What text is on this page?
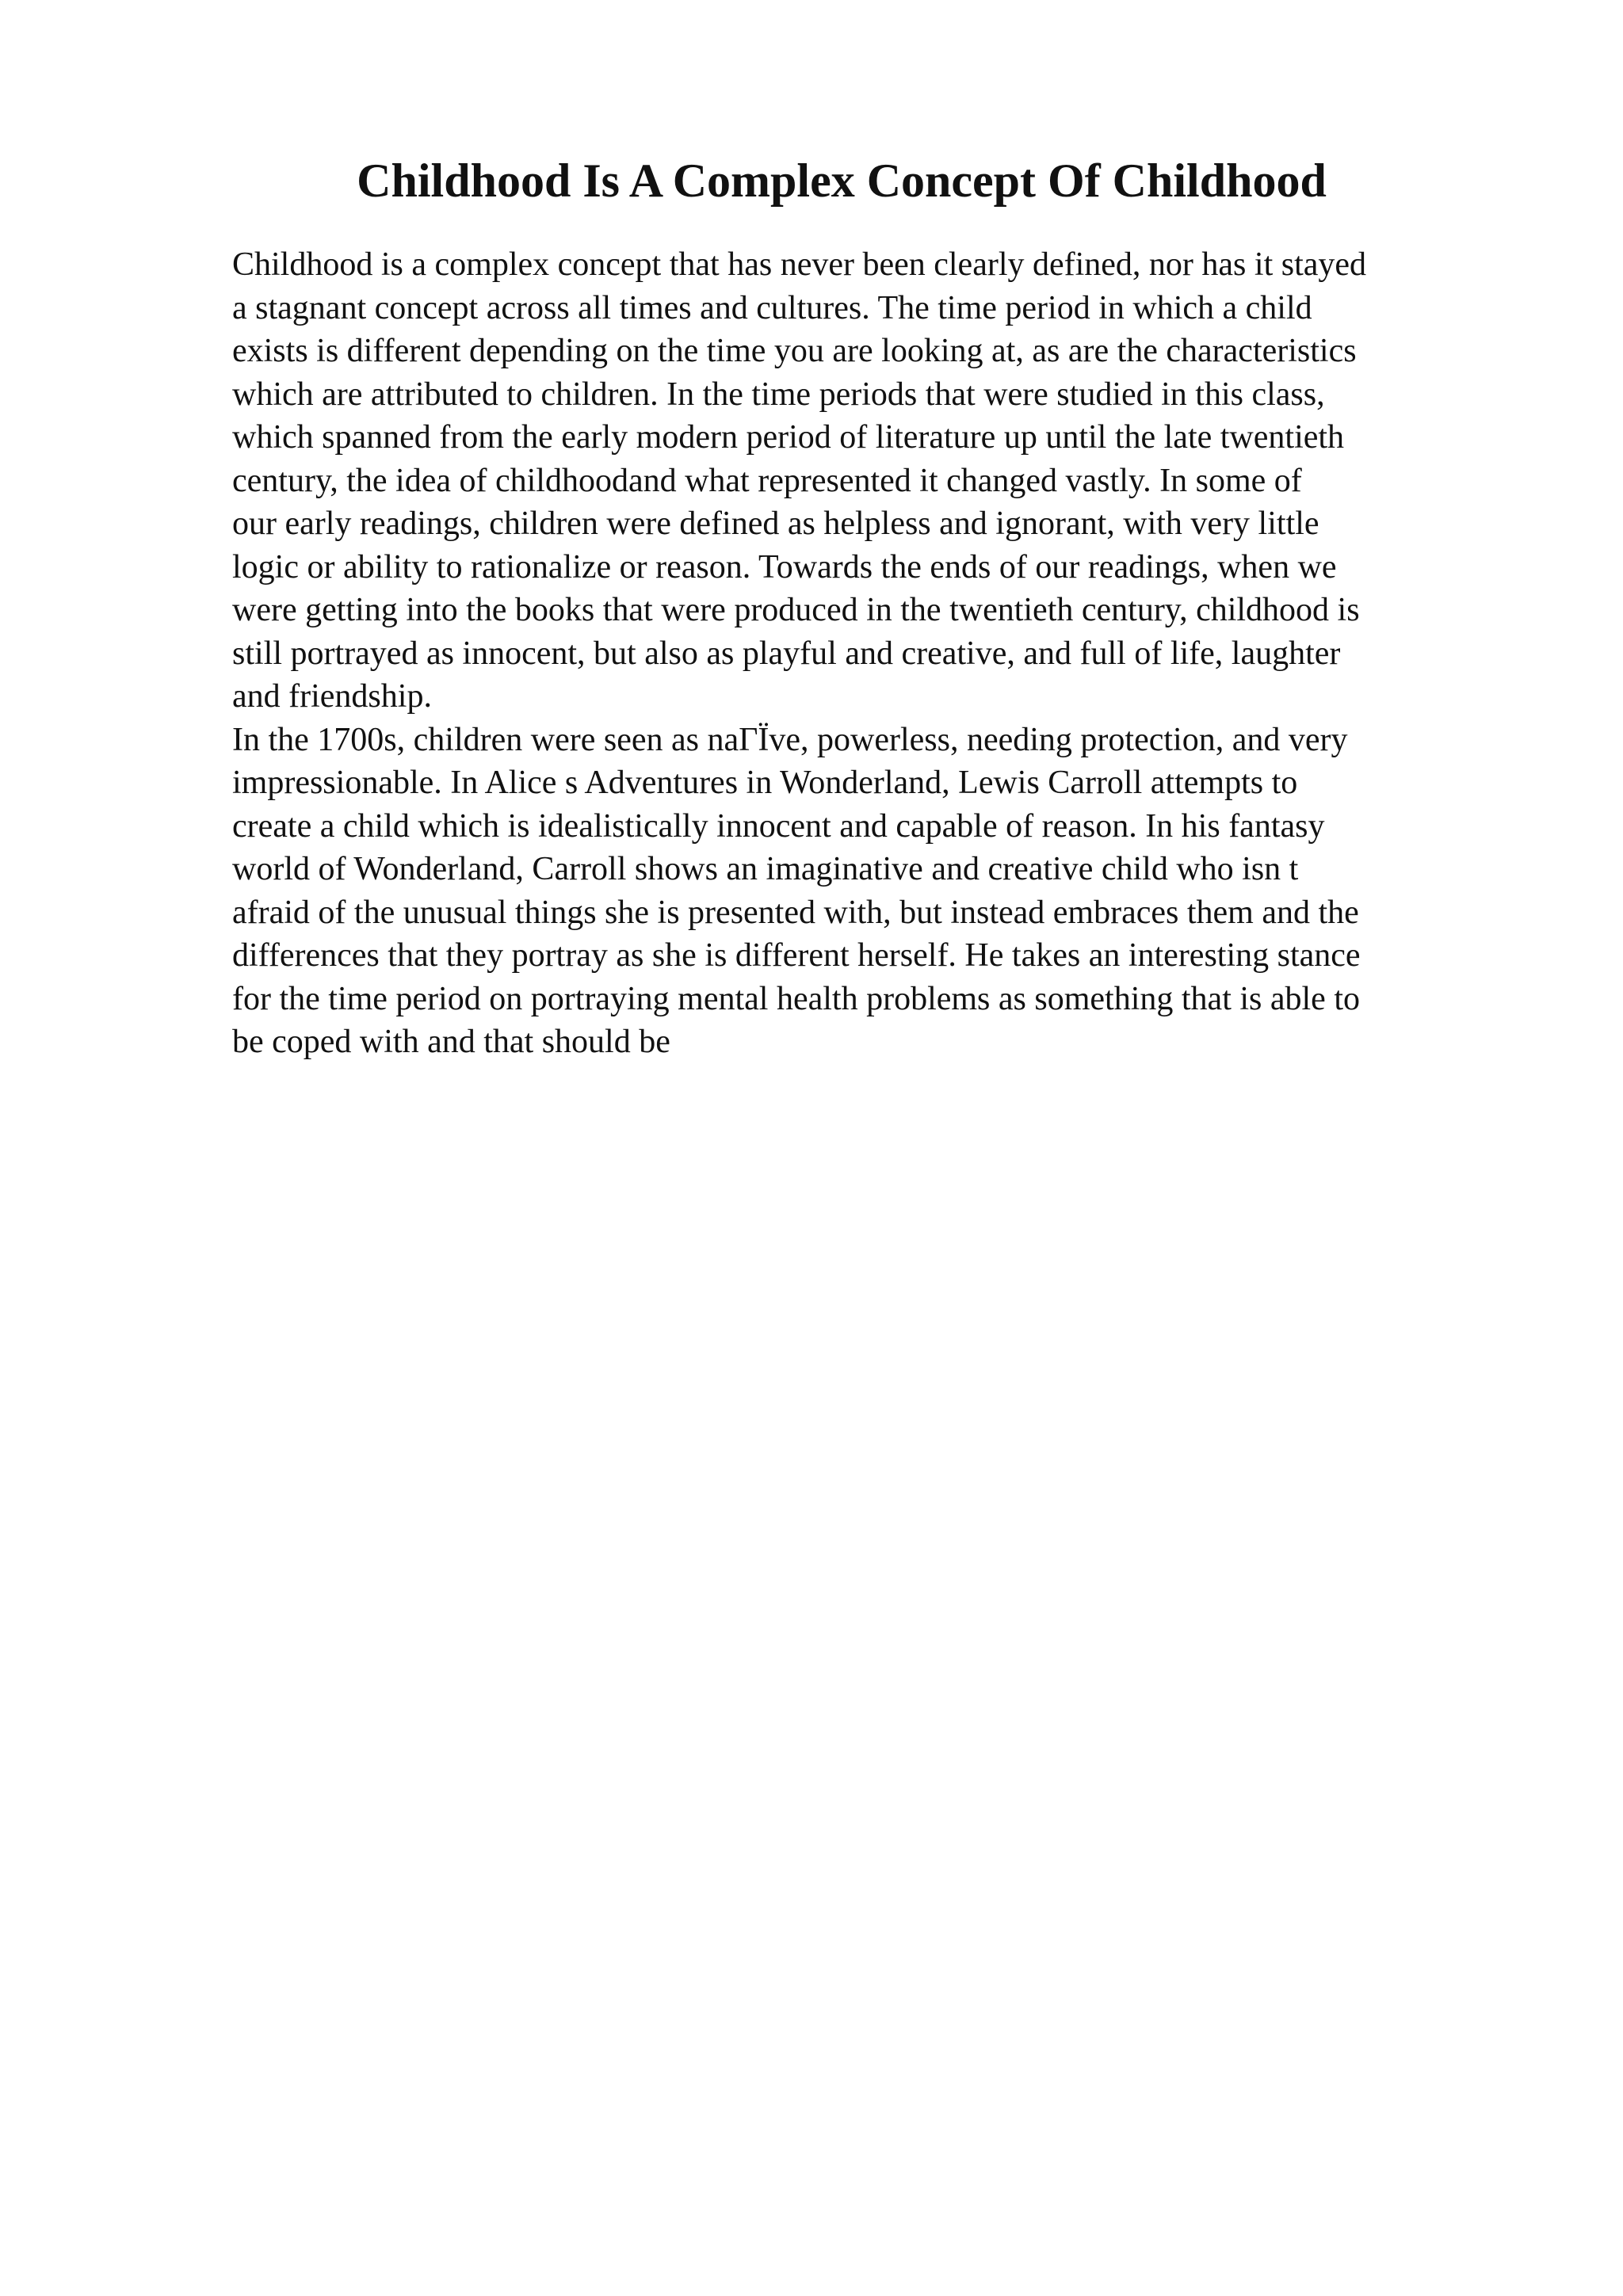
Childhood Is A Complex Concept Of Childhood
Childhood is a complex concept that has never been clearly defined, nor has it stayed
a stagnant concept across all times and cultures. The time period in which a child
exists is different depending on the time you are looking at, as are the characteristics
which are attributed to children. In the time periods that were studied in this class,
which spanned from the early modern period of literature up until the late twentieth
century, the idea of childhoodand what represented it changed vastly. In some of
our early readings, children were defined as helpless and ignorant, with very little
logic or ability to rationalize or reason. Towards the ends of our readings, when we
were getting into the books that were produced in the twentieth century, childhood is
still portrayed as innocent, but also as playful and creative, and full of life, laughter
and friendship.
In the 1700s, children were seen as naГЇve, powerless, needing protection, and very
impressionable. In Alice s Adventures in Wonderland, Lewis Carroll attempts to
create a child which is idealistically innocent and capable of reason. In his fantasy
world of Wonderland, Carroll shows an imaginative and creative child who isn t
afraid of the unusual things she is presented with, but instead embraces them and the
differences that they portray as she is different herself. He takes an interesting stance
for the time period on portraying mental health problems as something that is able to
be coped with and that should be
